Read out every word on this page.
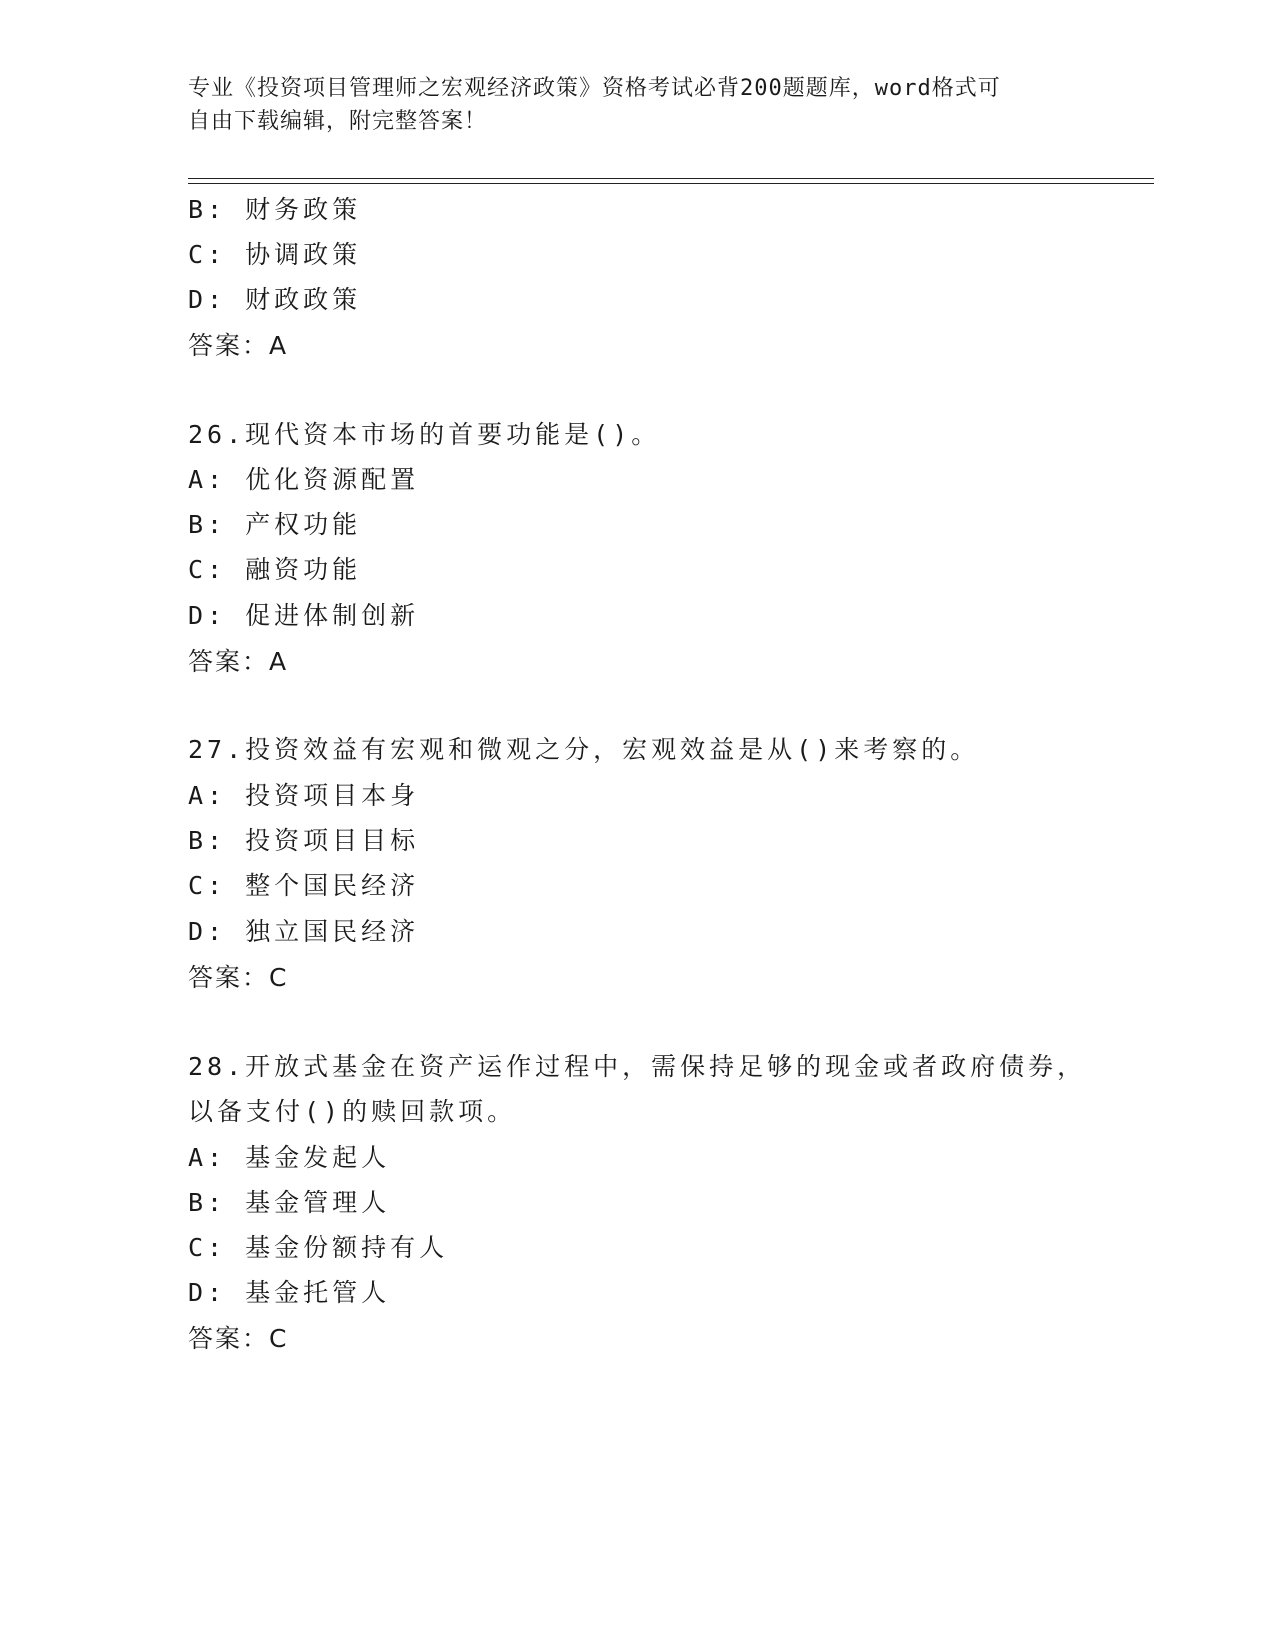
专业《投资项目管理师之宏观经济政策》资格考试必背200题题库，word格式可
自由下载编辑，附完整答案！
B: 财务政策
C: 协调政策
D: 财政政策
答案：A
26.现代资本市场的首要功能是()。
A: 优化资源配置
B: 产权功能
C: 融资功能
D: 促进体制创新
答案：A
27.投资效益有宏观和微观之分，宏观效益是从()来考察的。
A: 投资项目本身
B: 投资项目目标
C: 整个国民经济
D: 独立国民经济
答案：C
28.开放式基金在资产运作过程中，需保持足够的现金或者政府债券，
以备支付()的赎回款项。
A: 基金发起人
B: 基金管理人
C: 基金份额持有人
D: 基金托管人
答案：C
